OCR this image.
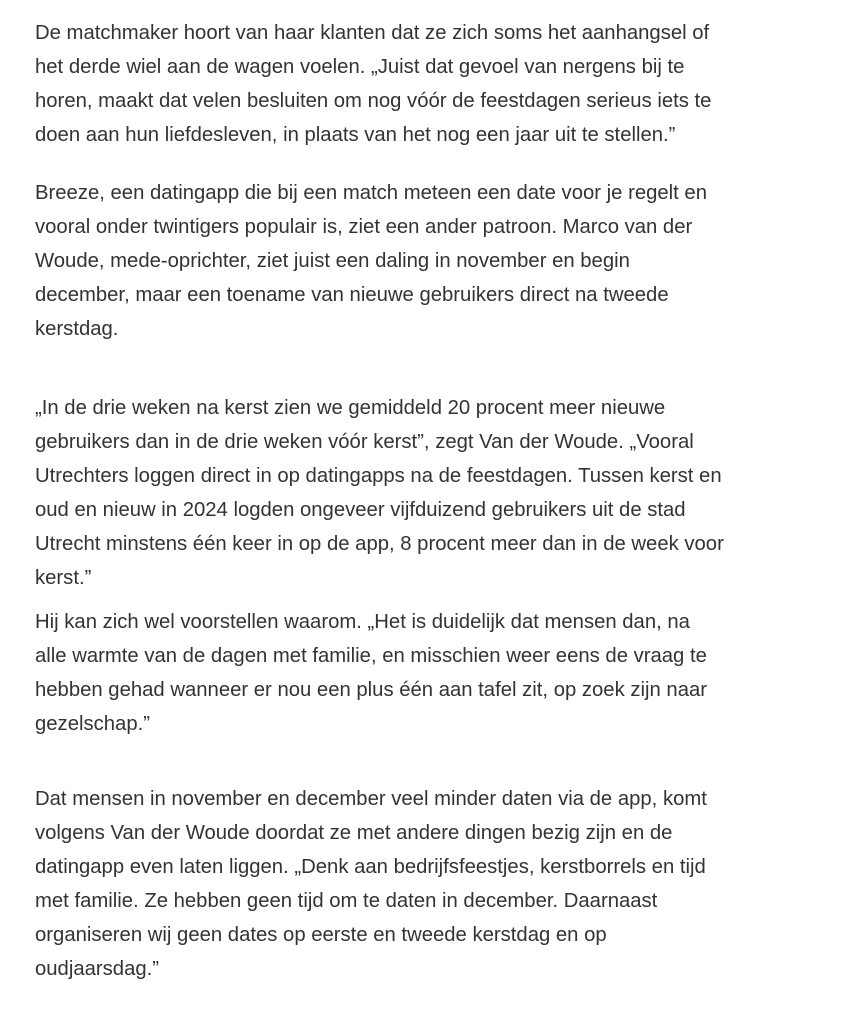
De matchmaker hoort van haar klanten dat ze zich soms het aanhangsel of
het derde wiel aan de wagen voelen. „Juist dat gevoel van nergens bij te
horen, maakt dat velen besluiten om nog vóór de feestdagen serieus iets te
doen aan hun liefdesleven, in plaats van het nog een jaar uit te stellen.”

Breeze, een datingapp die bij een match meteen een date voor je regelt en
vooral onder twintigers populair is, ziet een ander patroon. Marco van der
Woude, mede-oprichter, ziet juist een daling in november en begin
december, maar een toename van nieuwe gebruikers direct na tweede
kerstdag.

„In de drie weken na kerst zien we gemiddeld 20 procent meer nieuwe
gebruikers dan in de drie weken vóór kerst”, zegt Van der Woude. „Vooral
Utrechters loggen direct in op datingapps na de feestdagen. Tussen kerst en
oud en nieuw in 2024 logden ongeveer vijfduizend gebruikers uit de stad
Utrecht minstens één keer in op de app, 8 procent meer dan in de week voor
kerst.”

Hij kan zich wel voorstellen waarom. „Het is duidelijk dat mensen dan, na
alle warmte van de dagen met familie, en misschien weer eens de vraag te
hebben gehad wanneer er nou een plus één aan tafel zit, op zoek zijn naar
gezelschap.”

Dat mensen in november en december veel minder daten via de app, komt
volgens Van der Woude doordat ze met andere dingen bezig zijn en de
datingapp even laten liggen. „Denk aan bedrijfsfeestjes, kerstborrels en tijd
met familie. Ze hebben geen tijd om te daten in december. Daarnaast
organiseren wij geen dates op eerste en tweede kerstdag en op
oudjaarsdag.”
